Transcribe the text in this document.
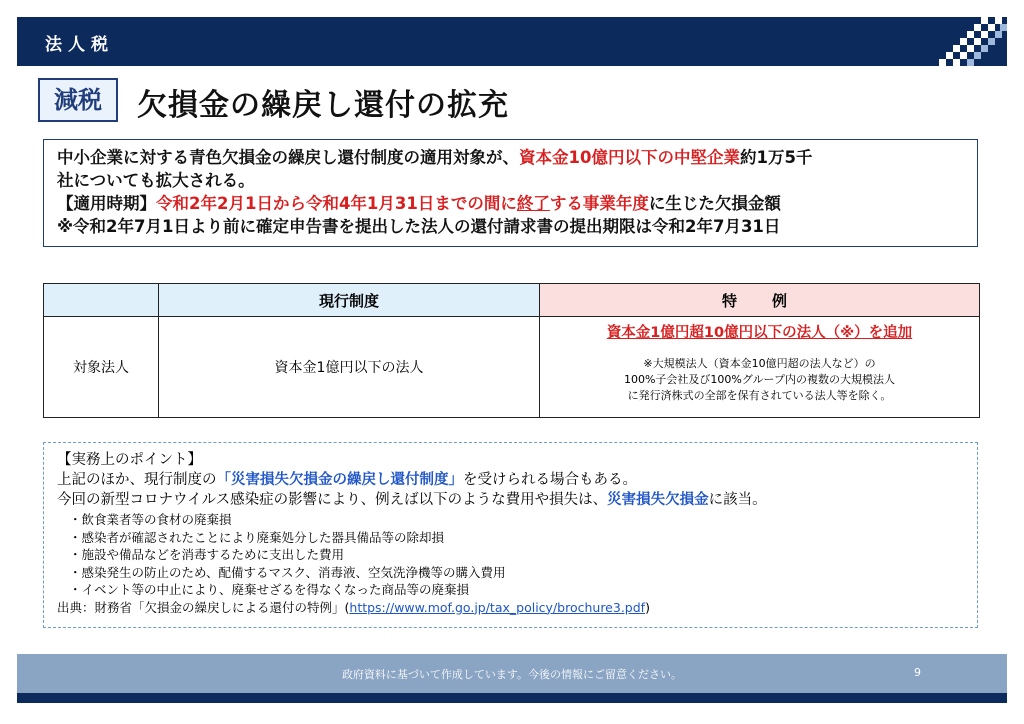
法人税
減税	欠損金の繰戻し還付の拡充
中小企業に対する青色欠損金の繰戻し還付制度の適用対象が、資本金10億円以下の中堅企業約1万5千
社についても拡大される。
【適用時期】令和2年2月1日から令和4年1月31日までの間に終了する事業年度に生じた欠損金額
※令和2年7月1日より前に確定申告書を提出した法人の還付請求書の提出期限は令和2年7月31日
	現行制度	特　例
対象法人	資本金1億円以下の法人	資本金1億円超10億円以下の法人（※）を追加
※大規模法人（資本金10億円超の法人など）の
100%子会社及び100%グループ内の複数の大規模法人
に発行済株式の全部を保有されている法人等を除く。
【実務上のポイント】
上記のほか、現行制度の「災害損失欠損金の繰戻し還付制度」を受けられる場合もある。
今回の新型コロナウイルス感染症の影響により、例えば以下のような費用や損失は、災害損失欠損金に該当。
・飲食業者等の食材の廃棄損
・感染者が確認されたことにより廃棄処分した器具備品等の除却損
・施設や備品などを消毒するために支出した費用
・感染発生の防止のため、配備するマスク、消毒液、空気洗浄機等の購入費用
・イベント等の中止により、廃棄せざるを得なくなった商品等の廃棄損
出典：財務省「欠損金の繰戻しによる還付の特例」(https://www.mof.go.jp/tax_policy/brochure3.pdf)
政府資料に基づいて作成しています。今後の情報にご留意ください。	9
